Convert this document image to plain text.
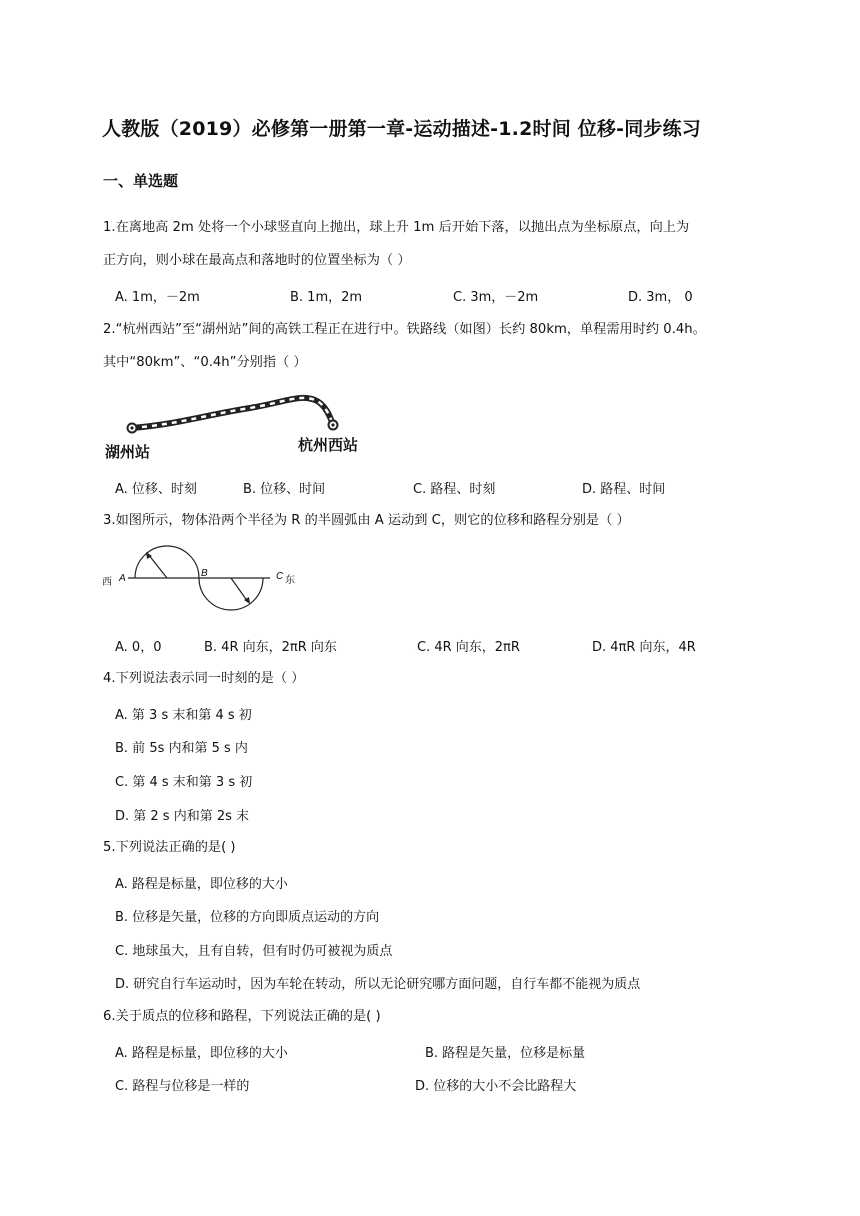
人教版（2019）必修第一册第一章-运动描述-1.2时间 位移-同步练习
一、单选题
1.在离地高 2m 处将一个小球竖直向上抛出，球上升 1m 后开始下落，以抛出点为坐标原点，向上为
正方向，则小球在最高点和落地时的位置坐标为（ ）
A. 1m，－2m	B. 1m，2m	C. 3m，－2m	D. 3m， 0
2.“杭州西站”至“湖州站”间的高铁工程正在进行中。铁路线（如图）长约 80km，单程需用时约 0.4h。
其中“80km”、“0.4h”分别指（ ）
湖州站	杭州西站
A. 位移、时刻	B. 位移、时间	C. 路程、时刻	D. 路程、时间
3.如图所示，物体沿两个半径为 R 的半圆弧由 A 运动到 C，则它的位移和路程分别是（ ）
西 A	B	C 东
A. 0，0	. B. 4R 向东，2πR 向东	. C. 4R 向东，2πR	. D. 4πR 向东，4R
4.下列说法表示同一时刻的是（ ）
A. 第 3 s 末和第 4 s 初
B. 前 5s 内和第 5 s 内
C. 第 4 s 末和第 3 s 初
D. 第 2 s 内和第 2s 末
5.下列说法正确的是( )
A. 路程是标量，即位移的大小
B. 位移是矢量，位移的方向即质点运动的方向
C. 地球虽大，且有自转，但有时仍可被视为质点
D. 研究自行车运动时，因为车轮在转动，所以无论研究哪方面问题，自行车都不能视为质点
6.关于质点的位移和路程，下列说法正确的是( )
A. 路程是标量，即位移的大小	. B. 路程是矢量，位移是标量
C. 路程与位移是一样的	D. 位移的大小不会比路程大
